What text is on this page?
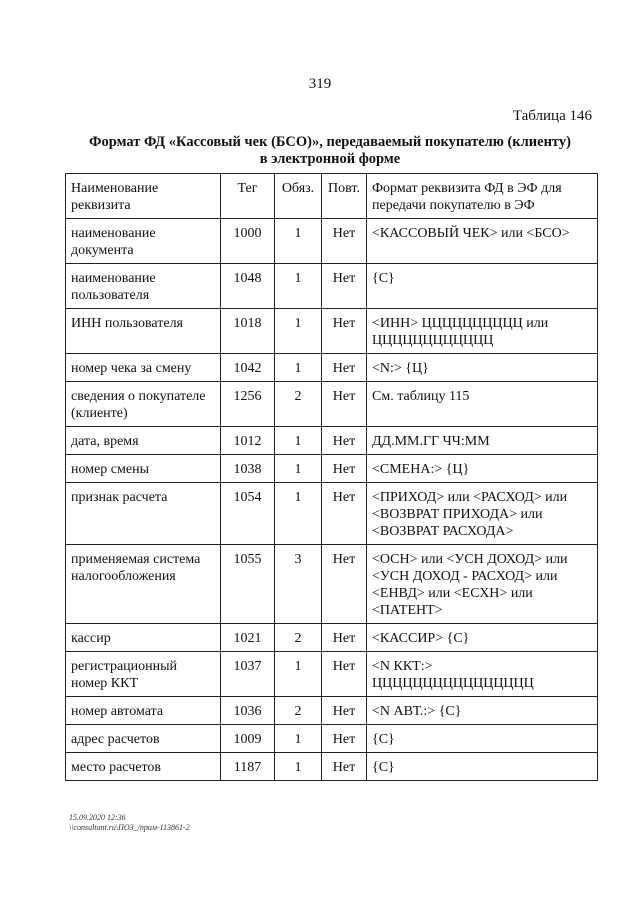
319
Таблица 146
Формат ФД «Кассовый чек (БСО)», передаваемый покупателю (клиенту)
в электронной форме
Наименование реквизита	Тег	Обяз.	Повт.	Формат реквизита ФД в ЭФ для передачи покупателю в ЭФ
наименование документа	1000	1	Нет	<КАССОВЫЙ ЧЕК> или <БСО>
наименование пользователя	1048	1	Нет	{С}
ИНН пользователя	1018	1	Нет	<ИНН> ЦЦЦЦЦЦЦЦЦЦ или ЦЦЦЦЦЦЦЦЦЦЦЦ
номер чека за смену	1042	1	Нет	<N:> {Ц}
сведения о покупателе (клиенте)	1256	2	Нет	См. таблицу 115
дата, время	1012	1	Нет	ДД.ММ.ГГ ЧЧ:ММ
номер смены	1038	1	Нет	<СМЕНА:> {Ц}
признак расчета	1054	1	Нет	<ПРИХОД> или <РАСХОД> или <ВОЗВРАТ ПРИХОДА> или <ВОЗВРАТ РАСХОДА>
применяемая система налогообложения	1055	3	Нет	<ОСН> или <УСН ДОХОД> или <УСН ДОХОД - РАСХОД> или <ЕНВД> или <ЕСХН> или <ПАТЕНТ>
кассир	1021	2	Нет	<КАССИР> {С}
регистрационный номер ККТ	1037	1	Нет	<N ККТ:> ЦЦЦЦЦЦЦЦЦЦЦЦЦЦЦЦ
номер автомата	1036	2	Нет	<N АВТ.:> {С}
адрес расчетов	1009	1	Нет	{С}
место расчетов	1187	1	Нет	{С}
15.09.2020 12:36
\\consultant.ru\ПОЗ_/прим-113861-2
